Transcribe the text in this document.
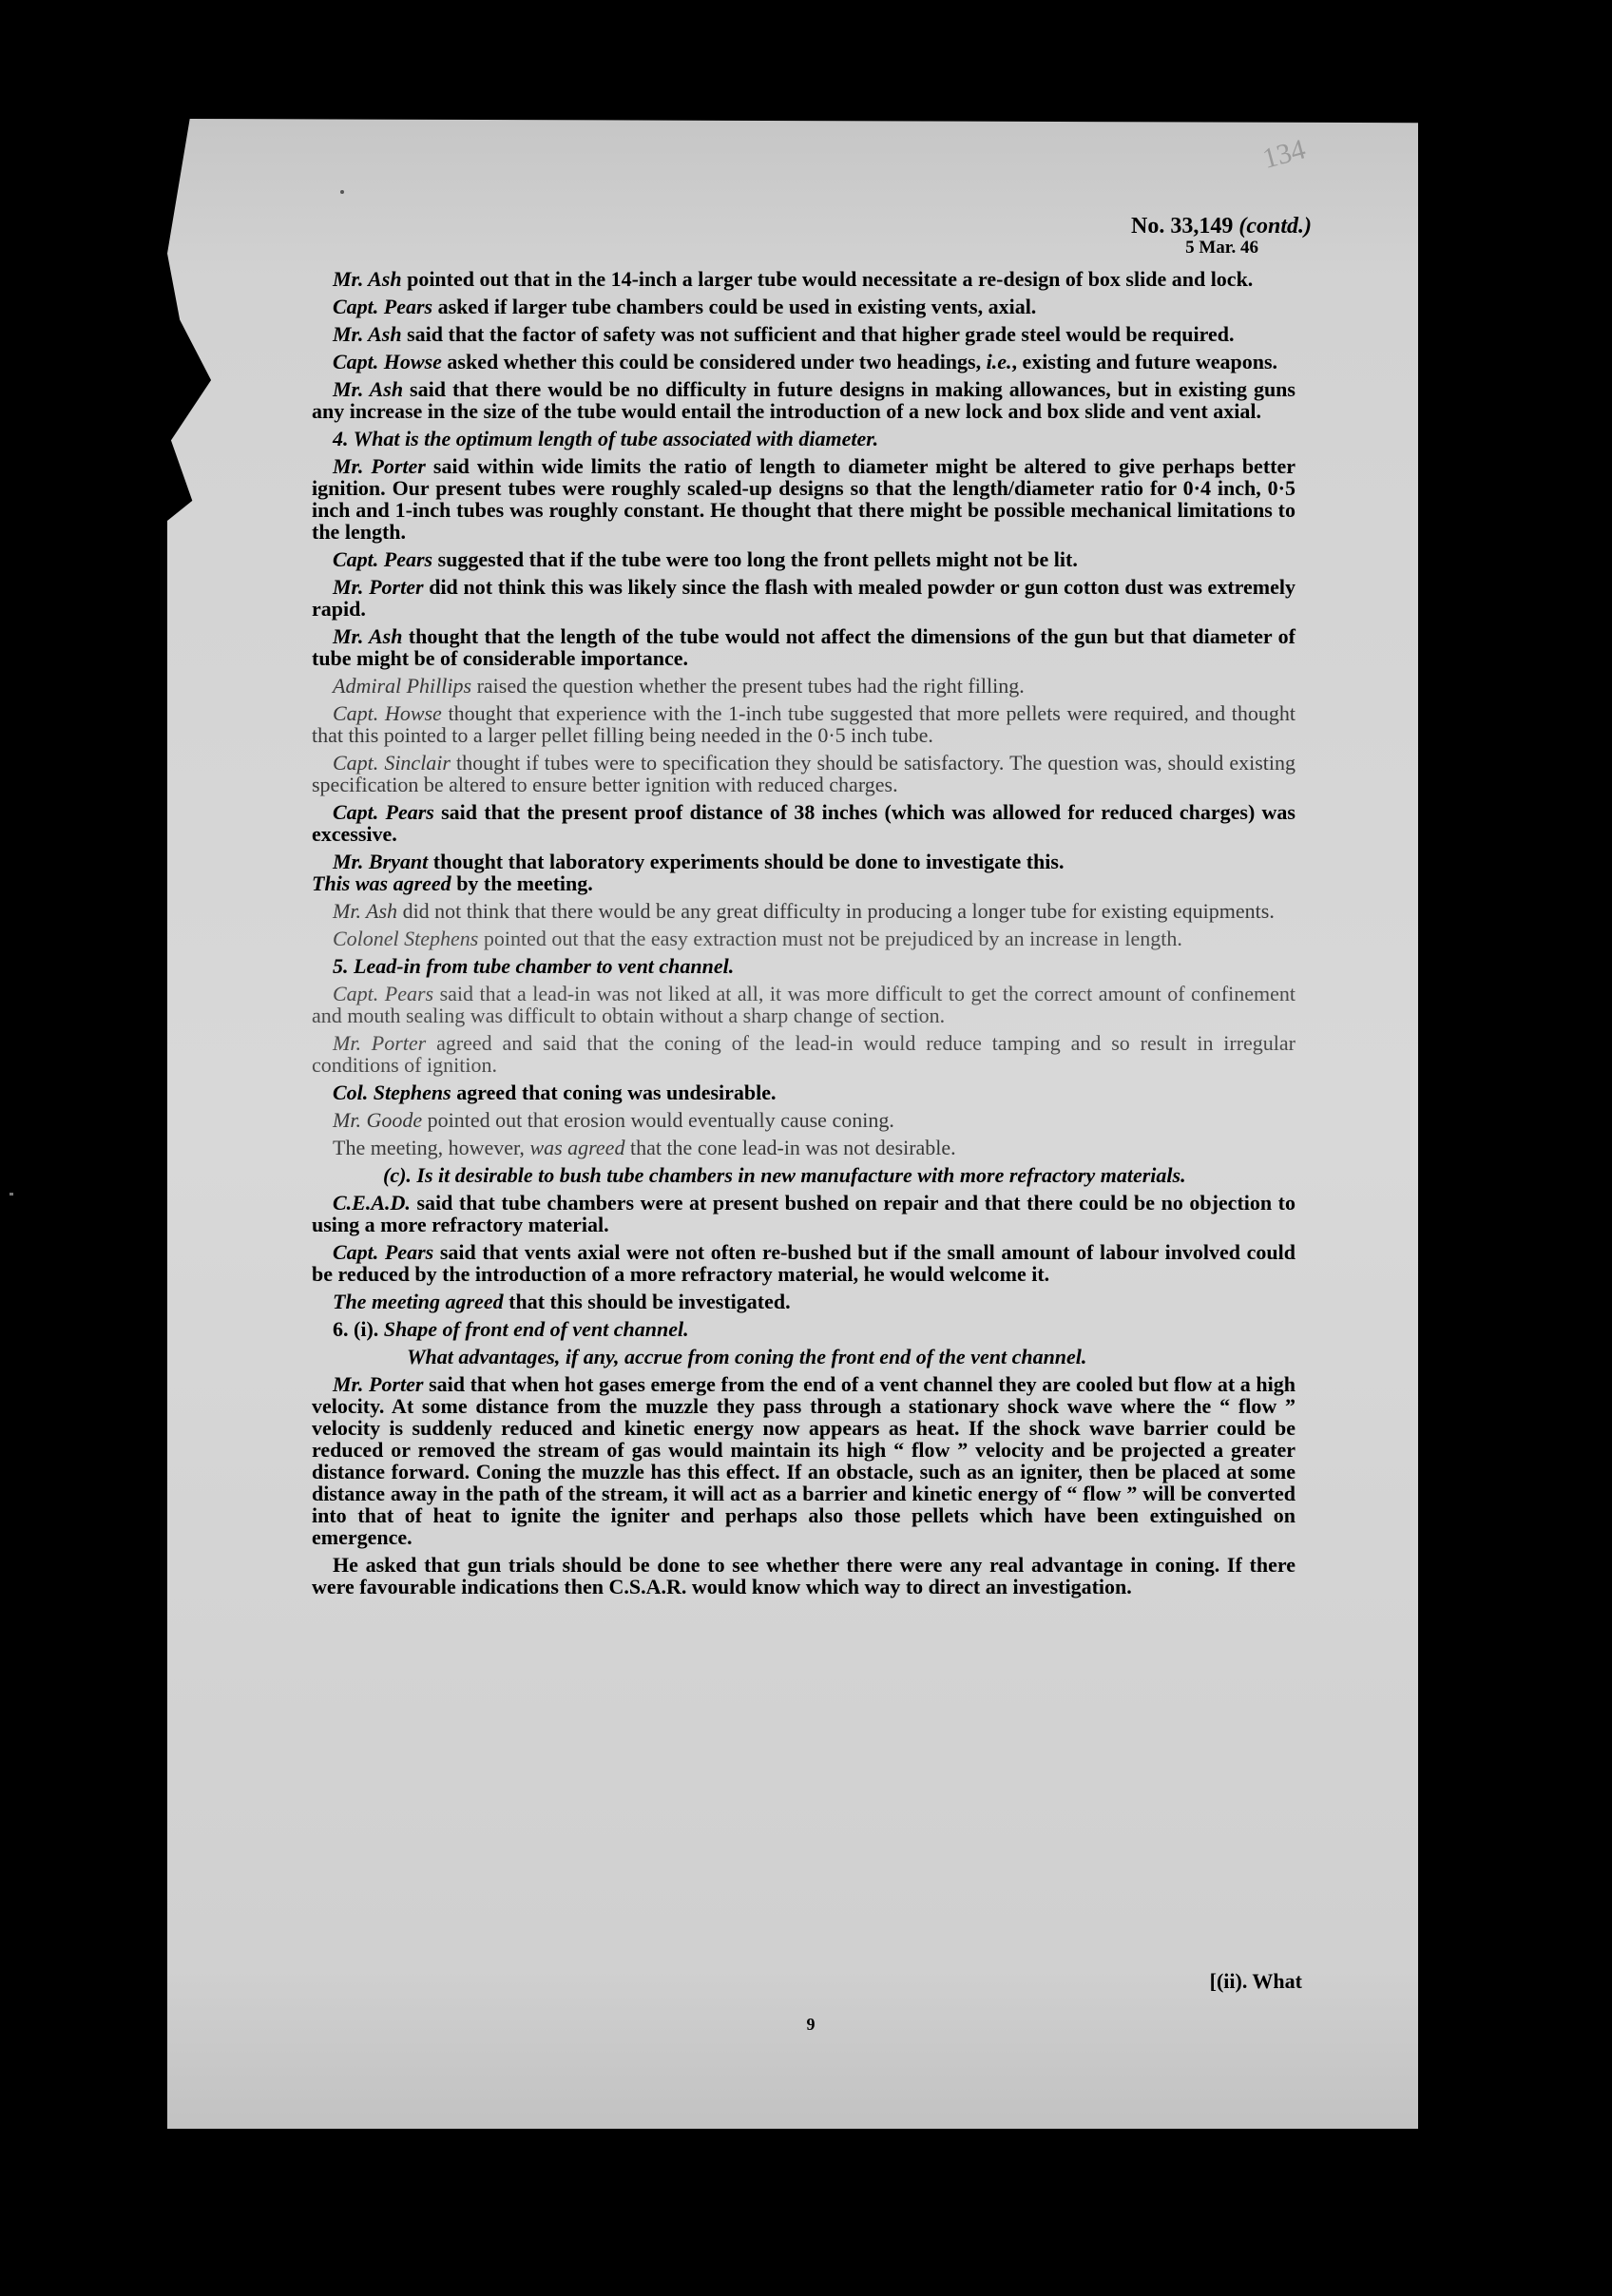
134
No. 33,149 (contd.)
5 Mar. 46

Mr. Ash pointed out that in the 14-inch a larger tube would necessitate a re-design of box slide and lock.

Capt. Pears asked if larger tube chambers could be used in existing vents, axial.

Mr. Ash said that the factor of safety was not sufficient and that higher grade steel would be required.

Capt. Howse asked whether this could be considered under two headings, i.e., existing and future weapons.

Mr. Ash said that there would be no difficulty in future designs in making allowances, but in existing guns any increase in the size of the tube would entail the introduction of a new lock and box slide and vent axial.

4. What is the optimum length of tube associated with diameter.

Mr. Porter said within wide limits the ratio of length to diameter might be altered to give perhaps better ignition. Our present tubes were roughly scaled-up designs so that the length/diameter ratio for 0·4 inch, 0·5 inch and 1-inch tubes was roughly constant. He thought that there might be possible mechanical limitations to the length.

Capt. Pears suggested that if the tube were too long the front pellets might not be lit.

Mr. Porter did not think this was likely since the flash with mealed powder or gun cotton dust was extremely rapid.

Mr. Ash thought that the length of the tube would not affect the dimensions of the gun but that diameter of tube might be of considerable importance.

Admiral Phillips raised the question whether the present tubes had the right filling.

Capt. Howse thought that experience with the 1-inch tube suggested that more pellets were required, and thought that this pointed to a larger pellet filling being needed in the 0·5 inch tube.

Capt. Sinclair thought if tubes were to specification they should be satisfactory. The question was, should existing specification be altered to ensure better ignition with reduced charges.

Capt. Pears said that the present proof distance of 38 inches (which was allowed for reduced charges) was excessive.

Mr. Bryant thought that laboratory experiments should be done to investigate this.
This was agreed by the meeting.

Mr. Ash did not think that there would be any great difficulty in producing a longer tube for existing equipments.

Colonel Stephens pointed out that the easy extraction must not be prejudiced by an increase in length.

5. Lead-in from tube chamber to vent channel.

Capt. Pears said that a lead-in was not liked at all, it was more difficult to get the correct amount of confinement and mouth sealing was difficult to obtain without a sharp change of section.

Mr. Porter agreed and said that the coning of the lead-in would reduce tamping and so result in irregular conditions of ignition.

Col. Stephens agreed that coning was undesirable.

Mr. Goode pointed out that erosion would eventually cause coning.

The meeting, however, was agreed that the cone lead-in was not desirable.

(c). Is it desirable to bush tube chambers in new manufacture with more refractory materials.

C.E.A.D. said that tube chambers were at present bushed on repair and that there could be no objection to using a more refractory material.

Capt. Pears said that vents axial were not often re-bushed but if the small amount of labour involved could be reduced by the introduction of a more refractory material, he would welcome it.

The meeting agreed that this should be investigated.

6. (i). Shape of front end of vent channel.

What advantages, if any, accrue from coning the front end of the vent channel.

Mr. Porter said that when hot gases emerge from the end of a vent channel they are cooled but flow at a high velocity. At some distance from the muzzle they pass through a stationary shock wave where the “ flow ” velocity is suddenly reduced and kinetic energy now appears as heat. If the shock wave barrier could be reduced or removed the stream of gas would maintain its high “ flow ” velocity and be projected a greater distance forward. Coning the muzzle has this effect. If an obstacle, such as an igniter, then be placed at some distance away in the path of the stream, it will act as a barrier and kinetic energy of “ flow ” will be converted into that of heat to ignite the igniter and perhaps also those pellets which have been extinguished on emergence.

He asked that gun trials should be done to see whether there were any real advantage in coning. If there were favourable indications then C.S.A.R. would know which way to direct an investigation.

[(ii). What
9
